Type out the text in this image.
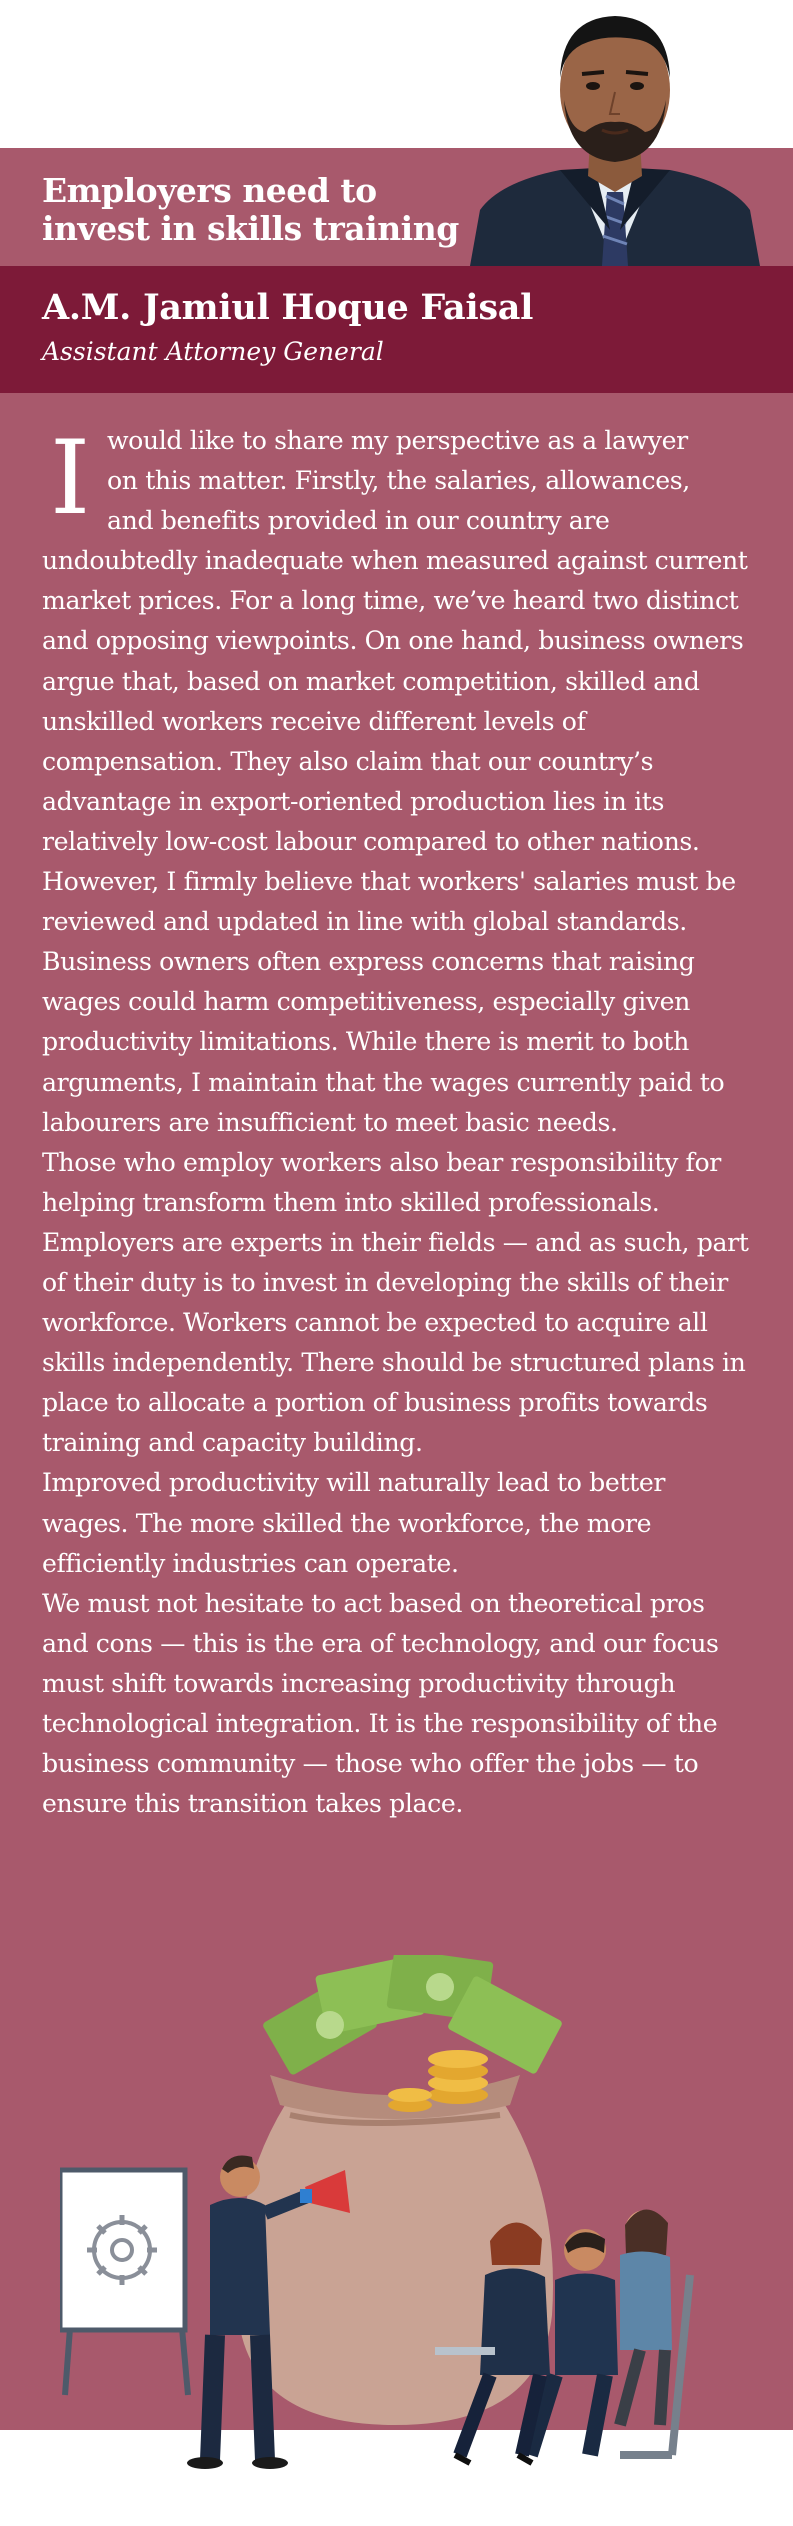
Employers need to
invest in skills training
A.M. Jamiul Hoque Faisal
Assistant Attorney General
I would like to share my perspective as a lawyer
on this matter. Firstly, the salaries, allowances,
and benefits provided in our country are
undoubtedly inadequate when measured against current market prices. For a long time, we’ve heard two distinct and opposing viewpoints. On one hand, business owners argue that, based on market competition, skilled and unskilled workers receive different levels of compensation. They also claim that our country’s advantage in export-oriented production lies in its relatively low-cost labour compared to other nations.

However, I firmly believe that workers' salaries must be reviewed and updated in line with global standards. Business owners often express concerns that raising wages could harm competitiveness, especially given productivity limitations. While there is merit to both arguments, I maintain that the wages currently paid to labourers are insufficient to meet basic needs.

Those who employ workers also bear responsibility for helping transform them into skilled professionals. Employers are experts in their fields — and as such, part of their duty is to invest in developing the skills of their workforce. Workers cannot be expected to acquire all skills independently. There should be structured plans in place to allocate a portion of business profits towards training and capacity building.

Improved productivity will naturally lead to better wages. The more skilled the workforce, the more efficiently industries can operate.

We must not hesitate to act based on theoretical pros and cons — this is the era of technology, and our focus must shift towards increasing productivity through technological integration. It is the responsibility of the business community — those who offer the jobs — to ensure this transition takes place.
